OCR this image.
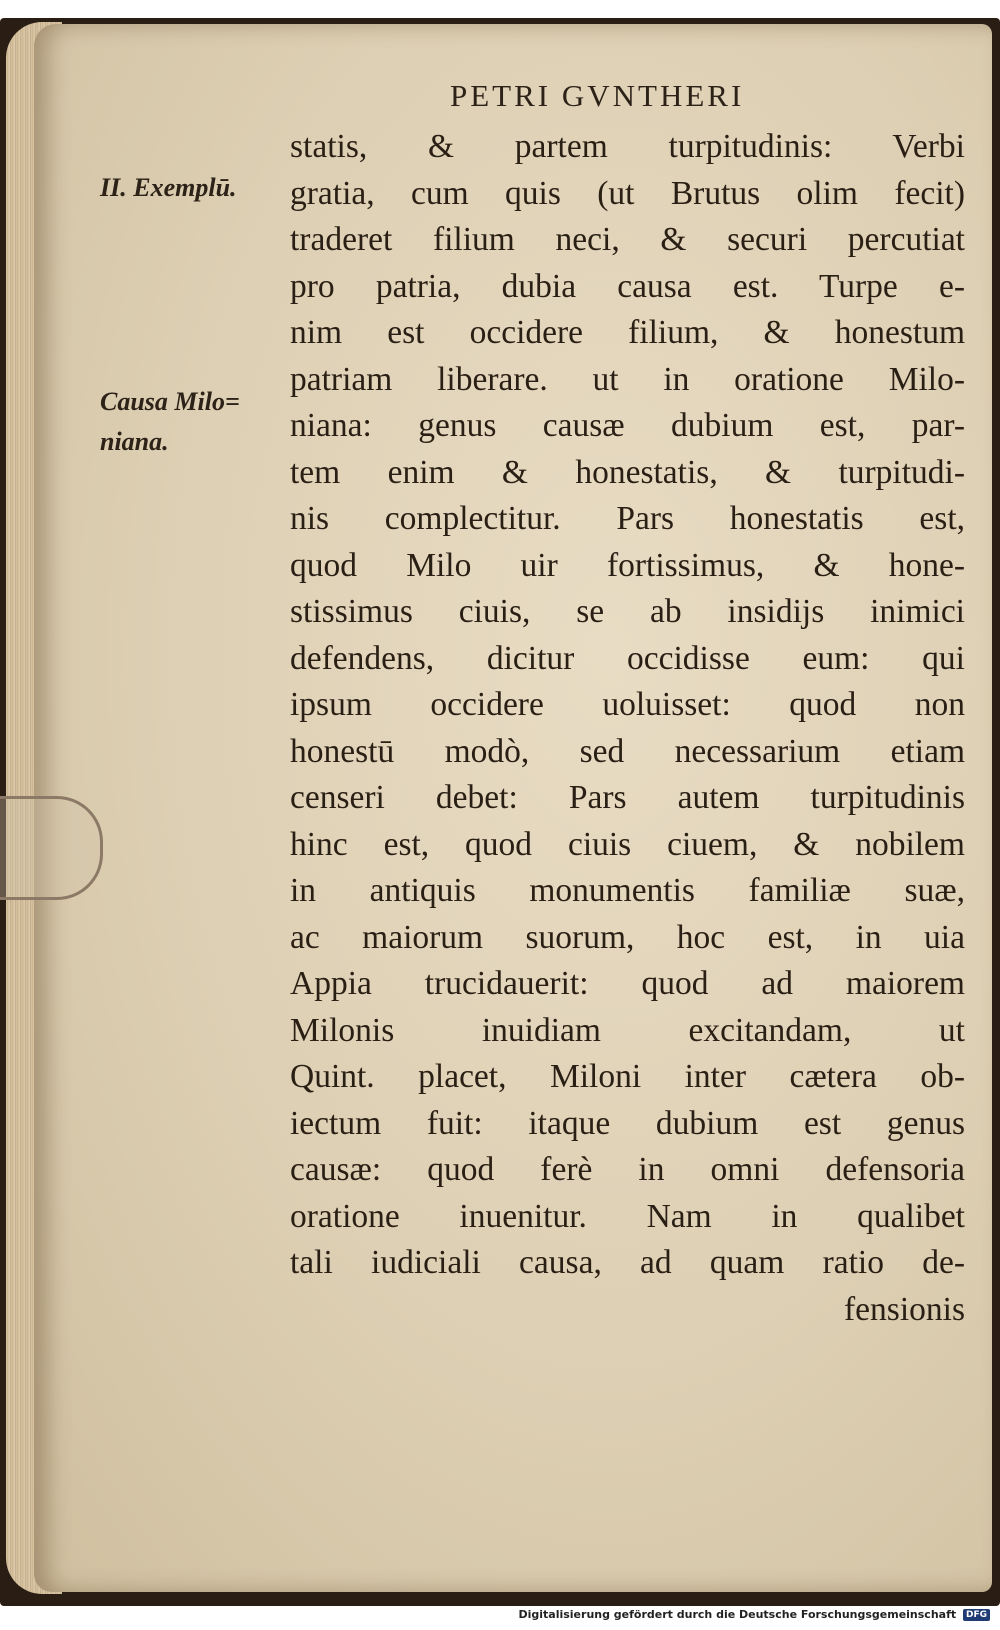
PETRI GVNTHERI
II. Exemplū.
Causa Milo=
niana.
statis, & partem turpitudinis: Verbi
gratia, cum quis (ut Brutus olim fecit)
traderet filium neci, & securi percutiat
pro patria, dubia causa est. Turpe e-
nim est occidere filium, & honestum
patriam liberare. ut in oratione Milo-
niana: genus causæ dubium est, par-
tem enim & honestatis, & turpitudi-
nis complectitur. Pars honestatis est,
quod Milo uir fortissimus, & hone-
stissimus ciuis, se ab insidijs inimici
defendens, dicitur occidisse eum: qui
ipsum occidere uoluisset: quod non
honestū modò, sed necessarium etiam
censeri debet: Pars autem turpitudinis
hinc est, quod ciuis ciuem, & nobilem
in antiquis monumentis familiæ suæ,
ac maiorum suorum, hoc est, in uia
Appia trucidauerit: quod ad maiorem
Milonis inuidiam excitandam, ut
Quint. placet, Miloni inter cætera ob-
iectum fuit: itaque dubium est genus
causæ: quod ferè in omni defensoria
oratione inuenitur. Nam in qualibet
tali iudiciali causa, ad quam ratio de-
fensionis
Digitalisierung gefördert durch die Deutsche Forschungsgemeinschaft DFG
